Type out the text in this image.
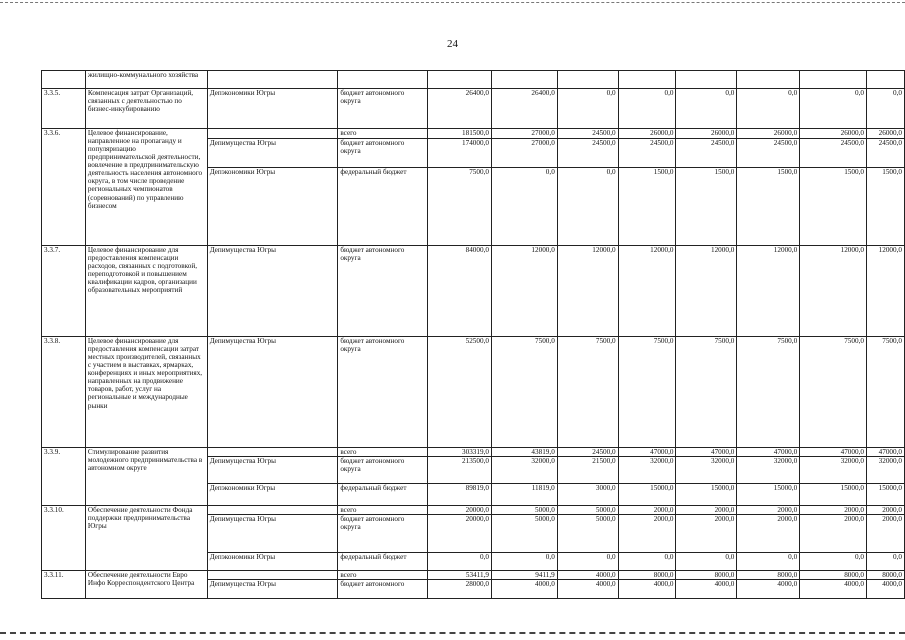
24
	жилищно-коммунального хозяйства										
3.3.5.	Компенсация затрат Организаций, связанных с деятельностью по бизнес-инкубированию	Депэкономики Югры	бюджет автономного округа	26400,0	26400,0	0,0	0,0	0,0	0,0	0,0	0,0
3.3.6.	Целевое финансирование, направленное на пропаганду и популяризацию предпринимательской деятельности, вовлечение в предпринимательскую деятельность населения автономного округа, в том числе проведение региональных чемпионатов (соревнований) по управлению бизнесом		всего	181500,0	27000,0	24500,0	26000,0	26000,0	26000,0	26000,0	26000,0
		Депимущества Югры	бюджет автономного округа	174000,0	27000,0	24500,0	24500,0	24500,0	24500,0	24500,0	24500,0
		Депэкономики Югры	федеральный бюджет	7500,0	0,0	0,0	1500,0	1500,0	1500,0	1500,0	1500,0
3.3.7.	Целевое финансирование для предоставления компенсации расходов, связанных с подготовкой, переподготовкой и повышением квалификации кадров, организации образовательных мероприятий	Депимущества Югры	бюджет автономного округа	84000,0	12000,0	12000,0	12000,0	12000,0	12000,0	12000,0	12000,0
3.3.8.	Целевое финансирование для предоставления компенсации затрат местных производителей, связанных с участием в выставках, ярмарках, конференциях и иных мероприятиях, направленных на продвижение товаров, работ, услуг на региональные и международные рынки	Депимущества Югры	бюджет автономного округа	52500,0	7500,0	7500,0	7500,0	7500,0	7500,0	7500,0	7500,0
3.3.9.	Стимулирование развития молодежного предпринимательства в автономном округе		всего	303319,0	43819,0	24500,0	47000,0	47000,0	47000,0	47000,0	47000,0
		Депимущества Югры	бюджет автономного округа	213500,0	32000,0	21500,0	32000,0	32000,0	32000,0	32000,0	32000,0
		Депэкономики Югры	федеральный бюджет	89819,0	11819,0	3000,0	15000,0	15000,0	15000,0	15000,0	15000,0
3.3.10.	Обеспечение деятельности Фонда поддержки предпринимательства Югры		всего	20000,0	5000,0	5000,0	2000,0	2000,0	2000,0	2000,0	2000,0
		Депимущества Югры	бюджет автономного округа	20000,0	5000,0	5000,0	2000,0	2000,0	2000,0	2000,0	2000,0
		Депэкономики Югры	федеральный бюджет	0,0	0,0	0,0	0,0	0,0	0,0	0,0	0,0
3.3.11.	Обеспечение деятельности Евро Инфо Корреспондентского Центра		всего	53411,9	9411,9	4000,0	8000,0	8000,0	8000,0	8000,0	8000,0
		Депимущества Югры	бюджет автономного	28000,0	4000,0	4000,0	4000,0	4000,0	4000,0	4000,0	4000,0
